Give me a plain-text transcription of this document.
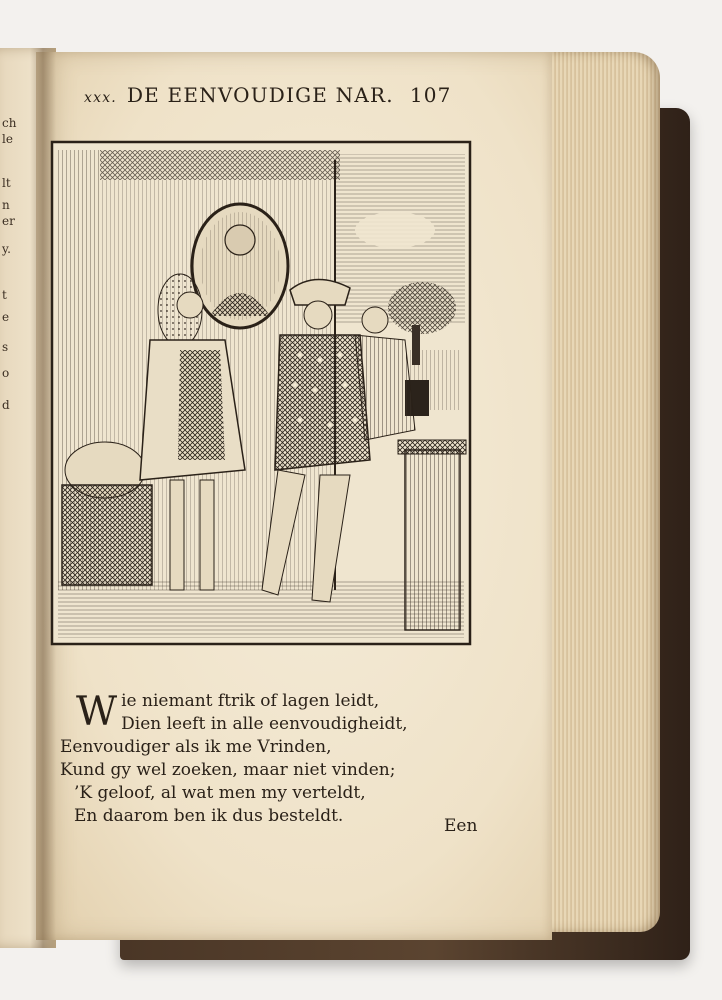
ch
le
lt
n
er
y.
t
e
s
o
d
xxx. DE EENVOUDIGE NAR. 107
W ie niemant ftrik of lagen leidt,
Dien leeft in alle eenvoudigheidt,
Eenvoudiger als ik me Vrinden,
Kund gy wel zoeken, maar niet vinden;
’K geloof, al wat men my verteldt,
En daarom ben ik dus besteldt.	Een
